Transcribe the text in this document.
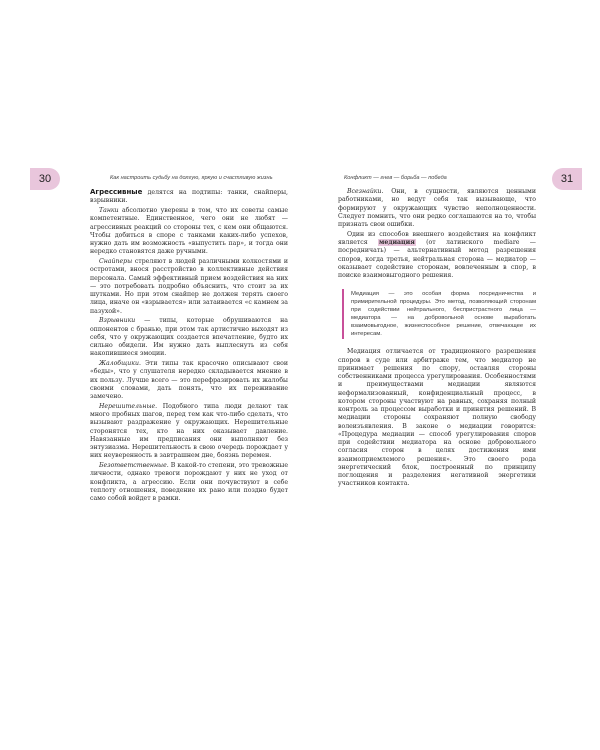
30	Как настроить судьбу на долгую, яркую и счастливую жизнь	31
Конфликт — гнев — борьба — победа

Агрессивные делятся на подтипы: танки, снайперы, взрывники.

Танки абсолютно уверены в том, что их советы самые компетентные. Единственное, чего они не любят — агрессивных реакций со стороны тех, с кем они общаются. Чтобы добиться в споре с танками каких-либо успехов, нужно дать им возможность «выпустить пар», и тогда они нередко становятся даже ручными.

Снайперы стреляют в людей различными колкостями и остротами, внося расстройство в коллективные действия персонала. Самый эффективный прием воздействия на них — это потребовать подробно объяснить, что стоит за их шутками. Но при этом снайпер не должен терять своего лица, иначе он «взрывается» или затаивается «с камнем за пазухой».

Взрывники — типы, которые обрушиваются на оппонентов с бранью, при этом так артистично выходят из себя, что у окружающих создается впечатление, будто их сильно обидели. Им нужно дать выплеснуть из себя накопившиеся эмоции.

Жалобщики. Эти типы так красочно описывают свои «беды», что у слушателя нередко складывается мнение в их пользу. Лучше всего — это перефразировать их жалобы своими словами, дать понять, что их переживание замечено.

Нерешительные. Подобного типа люди делают так много пробных шагов, перед тем как что-либо сделать, что вызывают раздражение у окружающих. Нерешительные сторонятся тех, кто на них оказывает давление. Навязанные им предписания они выполняют без энтузиазма. Нерешительность в свою очередь порождает у них неуверенность в завтрашнем дне, боязнь перемен.

Безответственные. В какой-то степени, это тревожные личности, однако тревоги порождают у них не уход от конфликта, а агрессию. Если они почувствуют в себе теплоту отношения, поведение их рано или поздно будет само собой войдет в рамки.

Всезнайки. Они, в сущности, являются ценными работниками, но ведут себя так вызывающе, что формируют у окружающих чувство неполноценности. Следует помнить, что они редко соглашаются на то, чтобы признать свои ошибки.

Один из способов внешнего воздействия на конфликт является медиация (от латинского mediare — посредничать) — альтернативный метод разрешения споров, когда третья, нейтральная сторона — медиатор — оказывает содействие сторонам, вовлеченным в спор, в поиске взаимовыгодного решения.

Медиация — это особая форма посредничества и примирительной процедуры. Это метод, позволяющий сторонам при содействии нейтрального, беспристрастного лица — медиатора — на добровольной основе выработать взаимовыгодное, жизнеспособное решение, отвечающее их интересам.

Медиация отличается от традиционного разрешения споров в суде или арбитраже тем, что медиатор не принимает решения по спору, оставляя стороны собственниками процесса урегулирования. Особенностями и преимуществами медиации являются неформализованный, конфиденциальный процесс, в котором стороны участвуют на равных, сохраняя полный контроль за процессом выработки и принятия решений. В медиации стороны сохраняют полную свободу волеизъявления. В законе о медиации говорится: «Процедура медиации — способ урегулирования споров при содействии медиатора на основе добровольного согласия сторон в целях достижения ими взаимоприемлемого решения». Это своего рода энергетический блок, построенный по принципу поглощения и разделения негативной энергетики участников контакта.
